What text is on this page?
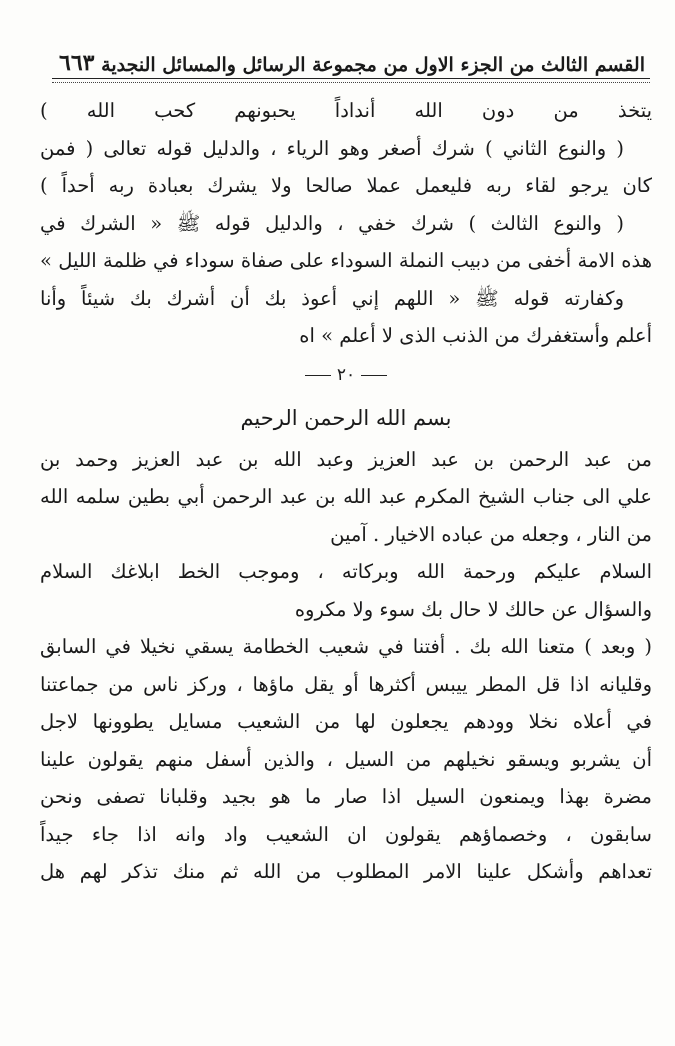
القسم الثالث من الجزء الاول من مجموعة الرسائل والمسائل النجدية
٦٦٣
يتخذ من دون الله أنداداً يحبونهم كحب الله )
( والنوع الثاني ) شرك أصغر وهو الرياء ، والدليل قوله تعالى ( فمن
كان يرجو لقاء ربه فليعمل عملا صالحا ولا يشرك بعبادة ربه أحداً )
( والنوع الثالث ) شرك خفي ، والدليل قوله ﷺ « الشرك في
هذه الامة أخفى من دبيب النملة السوداء على صفاة سوداء في ظلمة الليل »
وكفارته قوله ﷺ « اللهم إني أعوذ بك أن أشرك بك شيئاً وأنا
أعلم وأستغفرك من الذنب الذى لا أعلم » اه
٢٠
بسم الله الرحمن الرحيم
من عبد الرحمن بن عبد العزيز وعبد الله بن عبد العزيز وحمد بن
علي الى جناب الشيخ المكرم عبد الله بن عبد الرحمن أبي بطين سلمه الله
من النار ، وجعله من عباده الاخيار . آمين
السلام عليكم ورحمة الله وبركاته ، وموجب الخط ابلاغك السلام
والسؤال عن حالك لا حال بك سوء ولا مكروه
( وبعد ) متعنا الله بك . أفتنا في شعيب الخطامة يسقي نخيلا في السابق
وقليانه اذا قل المطر ييبس أكثرها أو يقل ماؤها ، وركز ناس من جماعتنا
في أعلاه نخلا وودهم يجعلون لها من الشعيب مسايل يطوونها لاجل
أن يشربو ويسقو نخيلهم من السيل ، والذين أسفل منهم يقولون علينا
مضرة بهذا ويمنعون السيل اذا صار ما هو بجيد وقلبانا تصفى ونحن
سابقون ، وخصماؤهم يقولون ان الشعيب واد وانه اذا جاء جيداً
تعداهم وأشكل علينا الامر المطلوب من الله ثم منك تذكر لهم هل
